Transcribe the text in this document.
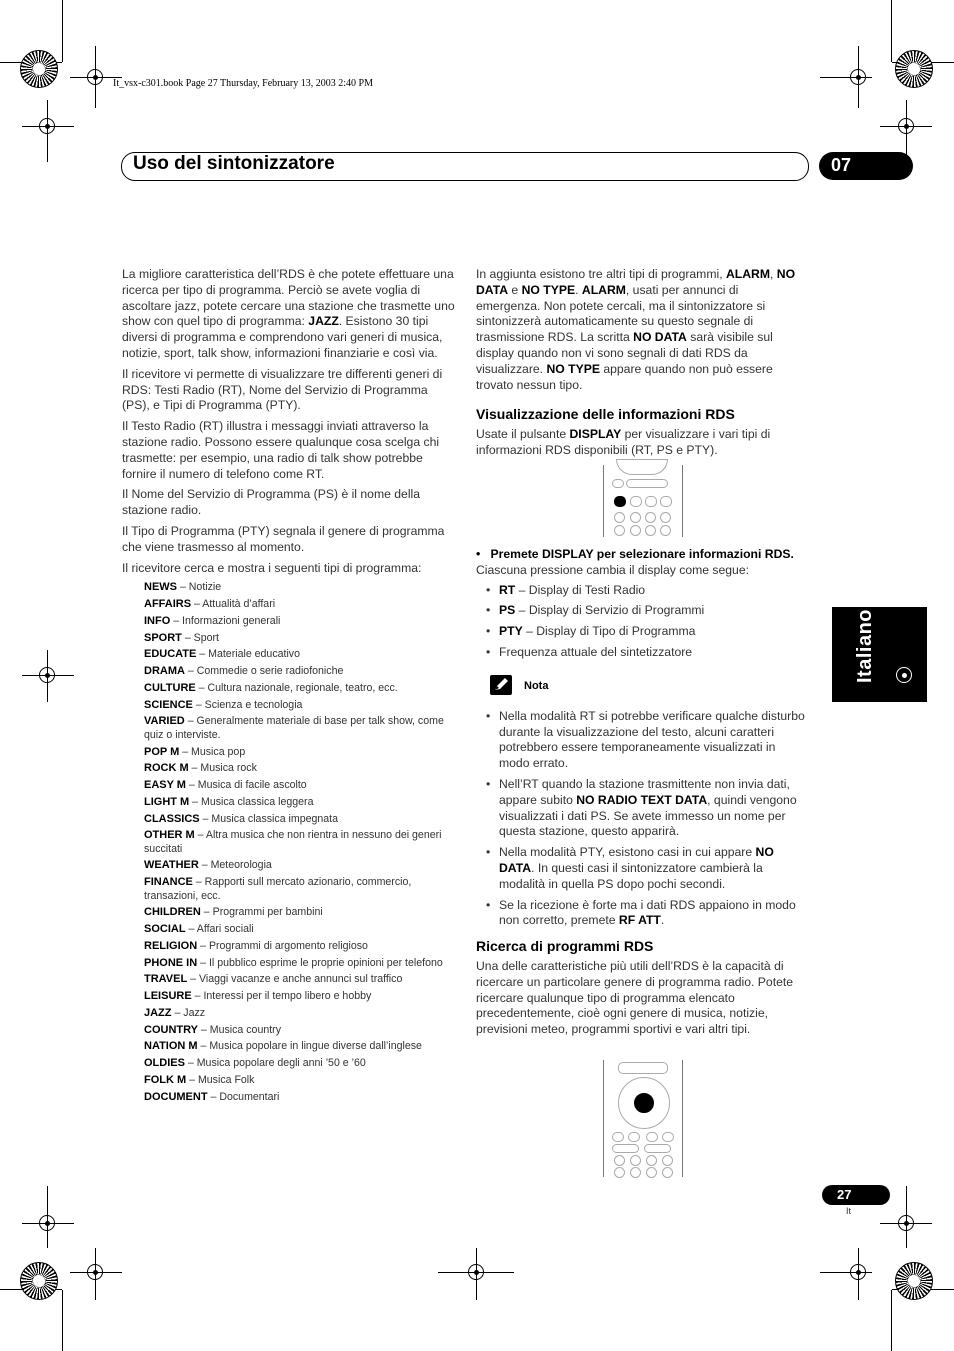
It_vsx-c301.book Page 27 Thursday, February 13, 2003 2:40 PM
Uso del sintonizzatore	07
Italiano

La migliore caratteristica dell’RDS è che potete effettuare una ricerca per tipo di programma. Perciò se avete voglia di ascoltare jazz, potete cercare una stazione che trasmette uno show con quel tipo di programma: JAZZ. Esistono 30 tipi diversi di programma e comprendono vari generi di musica, notizie, sport, talk show, informazioni finanziarie e così via.

Il ricevitore vi permette di visualizzare tre differenti generi di RDS: Testi Radio (RT), Nome del Servizio di Programma (PS), e Tipi di Programma (PTY).

Il Testo Radio (RT) illustra i messaggi inviati attraverso la stazione radio. Possono essere qualunque cosa scelga chi trasmette: per esempio, una radio di talk show potrebbe fornire il numero di telefono come RT.

Il Nome del Servizio di Programma (PS) è il nome della stazione radio.

Il Tipo di Programma (PTY) segnala il genere di programma che viene trasmesso al momento.

Il ricevitore cerca e mostra i seguenti tipi di programma:

NEWS – Notizie
AFFAIRS – Attualità d’affari
INFO – Informazioni generali
SPORT – Sport
EDUCATE – Materiale educativo
DRAMA – Commedie o serie radiofoniche
CULTURE – Cultura nazionale, regionale, teatro, ecc.
SCIENCE – Scienza e tecnologia
VARIED – Generalmente materiale di base per talk show, come quiz o interviste.
POP M – Musica pop
ROCK M – Musica rock
EASY M – Musica di facile ascolto
LIGHT M – Musica classica leggera
CLASSICS – Musica classica impegnata
OTHER M – Altra musica che non rientra in nessuno dei generi succitati
WEATHER – Meteorologia
FINANCE – Rapporti sull mercato azionario, commercio, transazioni, ecc.
CHILDREN – Programmi per bambini
SOCIAL – Affari sociali
RELIGION – Programmi di argomento religioso
PHONE IN – Il pubblico esprime le proprie opinioni per telefono
TRAVEL – Viaggi vacanze e anche annunci sul traffico
LEISURE – Interessi per il tempo libero e hobby
JAZZ – Jazz
COUNTRY – Musica country
NATION M – Musica popolare in lingue diverse dall’inglese
OLDIES – Musica popolare degli anni ’50 e ’60
FOLK M – Musica Folk
DOCUMENT – Documentari

In aggiunta esistono tre altri tipi di programmi, ALARM, NO DATA e NO TYPE. ALARM, usati per annunci di emergenza. Non potete cercali, ma il sintonizzatore si sintonizzerà automaticamente su questo segnale di trasmissione RDS. La scritta NO DATA sarà visibile sul display quando non vi sono segnali di dati RDS da visualizzare. NO TYPE appare quando non può essere trovato nessun tipo.

Visualizzazione delle informazioni RDS

Usate il pulsante DISPLAY per visualizzare i vari tipi di informazioni RDS disponibili (RT, PS e PTY).

• Premete DISPLAY per selezionare informazioni RDS.

Ciascuna pressione cambia il display come segue:

• RT – Display di Testi Radio
• PS – Display di Servizio di Programmi
• PTY – Display di Tipo di Programma
• Frequenza attuale del sintetizzatore
Nota
• Nella modalità RT si potrebbe verificare qualche disturbo durante la visualizzazione del testo, alcuni caratteri potrebbero essere temporaneamente visualizzati in modo errato.
• Nell’RT quando la stazione trasmittente non invia dati, appare subito NO RADIO TEXT DATA, quindi vengono visualizzati i dati PS. Se avete immesso un nome per questa stazione, questo apparirà.
• Nella modalità PTY, esistono casi in cui appare NO DATA. In questi casi il sintonizzatore cambierà la modalità in quella PS dopo pochi secondi.
• Se la ricezione è forte ma i dati RDS appaiono in modo non corretto, premete RF ATT.
Ricerca di programmi RDS

Una delle caratteristiche più utili dell’RDS è la capacità di ricercare un particolare genere di programma radio. Potete ricercare qualunque tipo di programma elencato precedentemente, cioè ogni genere di musica, notizie, previsioni meteo, programmi sportivi e vari altri tipi.

27
It
